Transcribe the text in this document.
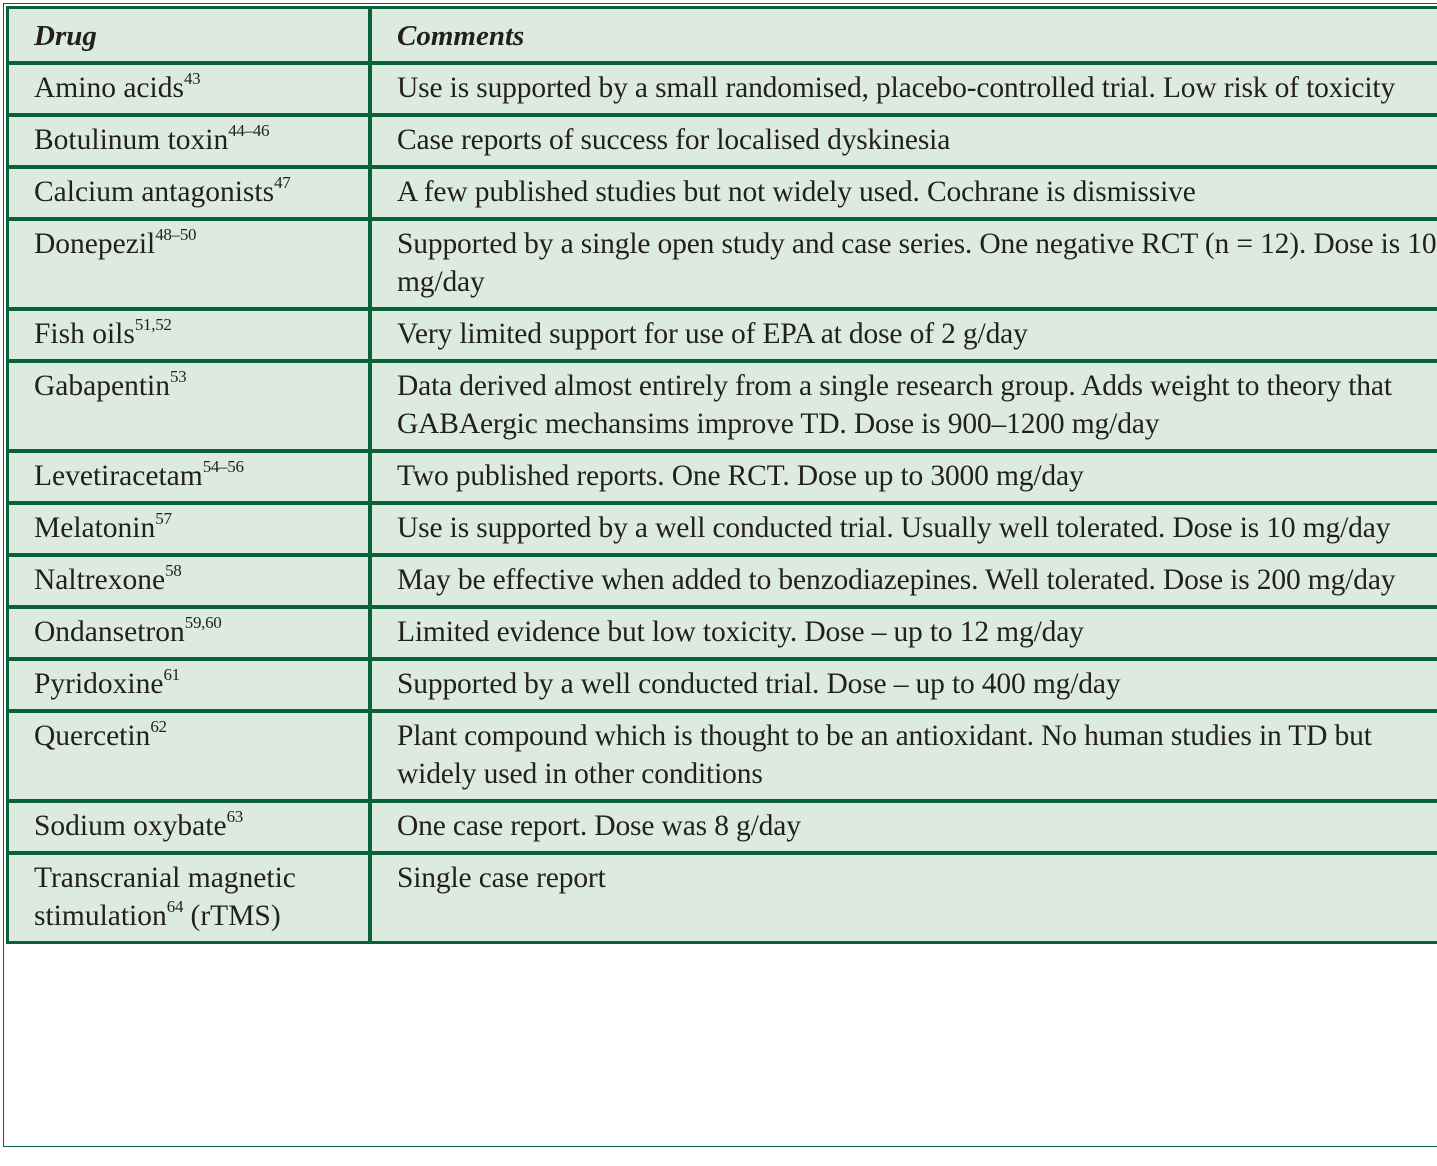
Drug	Comments
Amino acids$^{43}$	Use is supported by a small randomised, placebo-controlled trial. Low risk of toxicity
Botulinum toxin$^{44-46}$	Case reports of success for localised dyskinesia
Calcium antagonists$^{47}$	A few published studies but not widely used. Cochrane is dismissive
Donepezil$^{48-50}$	Supported by a single open study and case series. One negative RCT (n = 12). Dose is 10 mg/day
Fish oils$^{51,52}$	Very limited support for use of EPA at dose of 2 g/day
Gabapentin$^{53}$	Data derived almost entirely from a single research group. Adds weight to theory that GABAergic mechansims improve TD. Dose is 900–1200 mg/day
Levetiracetam$^{54-56}$	Two published reports. One RCT. Dose up to 3000 mg/day
Melatonin$^{57}$	Use is supported by a well conducted trial. Usually well tolerated. Dose is 10 mg/day
Naltrexone$^{58}$	May be effective when added to benzodiazepines. Well tolerated. Dose is 200 mg/day
Ondansetron$^{59,60}$	Limited evidence but low toxicity. Dose – up to 12 mg/day
Pyridoxine$^{61}$	Supported by a well conducted trial. Dose – up to 400 mg/day
Quercetin$^{62}$	Plant compound which is thought to be an antioxidant. No human studies in TD but widely used in other conditions
Sodium oxybate$^{63}$	One case report. Dose was 8 g/day
Transcranial magnetic stimulation$^{64}$ (rTMS)	Single case report
